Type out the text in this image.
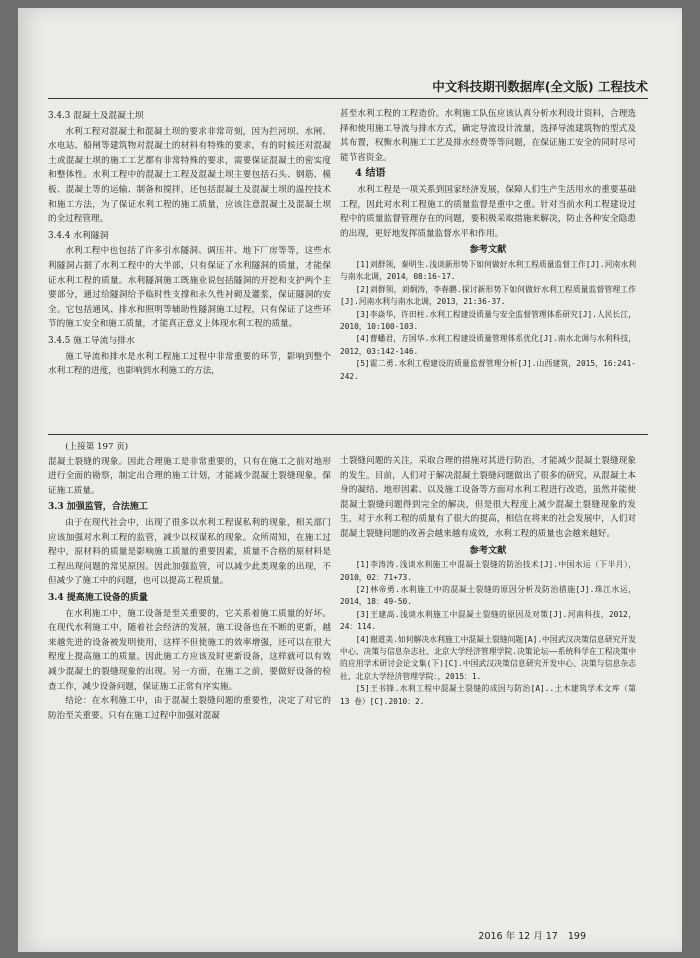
中文科技期刊数据库(全文版) 工程技术
3.4.3 混凝土及混凝土坝

水利工程对混凝土和混凝土坝的要求非常苛刻，因为拦河坝、水闸、水电站、船闸等建筑物对混凝土的材料有特殊的要求，有的时候还对混凝土或混凝土坝的施工工艺都有非常特殊的要求，需要保证混凝土的密实度和整体性。水利工程中的混凝土工程及混凝土坝主要包括石头、钢筋、模板、混凝土等的运输、制备和搅拌，还包括混凝土及混凝土坝的温控技术和施工方法，为了保证水利工程的施工质量，应该注意混凝土及混凝土坝的全过程管理。

3.4.4 水利隧洞

水利工程中也包括了许多引水隧洞、调压井、地下厂房等等，这些水利隧洞占据了水利工程中的大半部，只有保证了水利隧洞的质量，才能保证水利工程的质量。水利隧洞施工既施业说包括隧洞的开挖和支护两个主要部分，通过给隧洞给予临时性支撑和永久性衬砌及灌浆，保证隧洞的安全。它包括通风、排水和照明等辅助性隧洞施工过程，只有保证了这些环节的施工安全和施工质量，才能真正意义上体现水利工程的质量。

3.4.5 施工导流与排水

施工导流和排水是水利工程施工过程中非常重要的环节，影响到整个水利工程的进度，也影响到水利施工的方法，

甚至水利工程的工程造价。水利施工队伍应该认真分析水利设计资料，合理选择和使用施工导流与排水方式，确定导流设计流量，选择导流建筑物的型式及其布置，权衡水利施工工艺及排水经费等等问题，在保证施工安全的同时尽可能节省资金。

4 结语

水利工程是一项关系到国家经济发展，保障人们生产生活用水的重要基础工程，因此对水利工程施工的质量监督是重中之重。针对当前水利工程建设过程中的质量监督管理存在的问题，要积极采取措施来解决，防止各种安全隐患的出现，更好地发挥质量监督水平和作用。

参考文献

[1]刘群领，秦明生.浅谈新形势下如何做好水利工程质量监督工作[J].河南水利与南水北调，2014，08:16-17.

[2]刘群领，刘炯涛，李春鹏.探讨新形势下如何做好水利工程质量监督管理工作[J].河南水利与南水北调，2013，21:36-37.

[3]李焱华，许田柱.水利工程建设质量与安全监督管理体系研究[J].人民长江，2010，10:100-103.

[4]曹蟠君，方国华.水利工程建设质量管理体系优化[J].南水北调与水利科技，2012，03:142-146.

[5]霍二勇.水利工程建设的质量监督管理分析[J].山西建筑，2015，16:241-242.

(上接第 197 页)

混凝土裂缝的现象。因此合理施工是非常重要的，只有在施工之前对地形进行全面的勘察，制定出合理的施工计划，才能减少混凝土裂缝现象，保证施工质量。

3.3 加强监管，合法施工

由于在现代社会中，出现了很多以水利工程谋私利的现象，相关部门应该加强对水利工程的监管，减少以权谋私的现象。众所周知，在施工过程中，原材料的质量是影响施工质量的重要因素，质量不合格的原材料是工程出现问题的常见原因。因此加强监管，可以减少此类现象的出现，不但减少了施工中的问题，也可以提高工程质量。

3.4 提高施工设备的质量

在水利施工中，施工设备是至关重要的，它关系着施工质量的好坏。在现代水利施工中，随着社会经济的发展，施工设备也在不断的更新，越来越先进的设备被发明使用，这样不但使施工的效率增强，还可以在很大程度上提高施工的质量。因此施工方应该及时更新设备，这样就可以有效减少混凝土的裂缝现象的出现。另一方面，在施工之前，要做好设备的检查工作，减少设备问题，保证施工正常有序实施。

结论：在水利施工中，由于混凝土裂缝问题的重要性，决定了对它的防治至关重要。只有在施工过程中加强对混凝

土裂缝问题的关注，采取合理的措施对其进行防治，才能减少混凝土裂缝现象的发生。目前，人们对于解决混凝土裂缝问题做出了很多的研究，从混凝土本身的凝结、地形因素、以及施工设备等方面对水利工程进行改造，虽然并能使混凝土裂缝问题得到完全的解决，但是很大程度上减少混凝土裂缝现象的发生，对于水利工程的质量有了很大的提高，相信在将来的社会发展中，人们对混凝土裂缝问题的改善会越来越有成效，水利工程的质量也会越来越好。

参考文献

[1]李涛涛.浅谈水利施工中混凝土裂缝的防治技术[J].中国水运（下半月），2010，02：71+73.

[2]林帝勇.水利施工中的混凝土裂缝的原因分析及防治措施[J].珠江水运，2014，18：49-50.

[3]王建高.浅谈水利施工中混凝土裂缝的原因及对策[J].河南科技，2012，24：114.

[4]谢道美.如何解决水利施工中混凝土裂缝问题[A].中国武汉决策信息研究开发中心、决策与信息杂志社、北京大学经济管理学院.决策论坛——系统科学在工程决策中的应用学术研讨会论文集(下)[C].中国武汉决策信息研究开发中心、决策与信息杂志社、北京大学经济管理学院：，2015：1.

[5]王书锋.水利工程中混凝土裂缝的成因与防治[A]..土木建筑学术文库（第 13 卷）[C].2010：2.

2016 年 12 月 17 199
